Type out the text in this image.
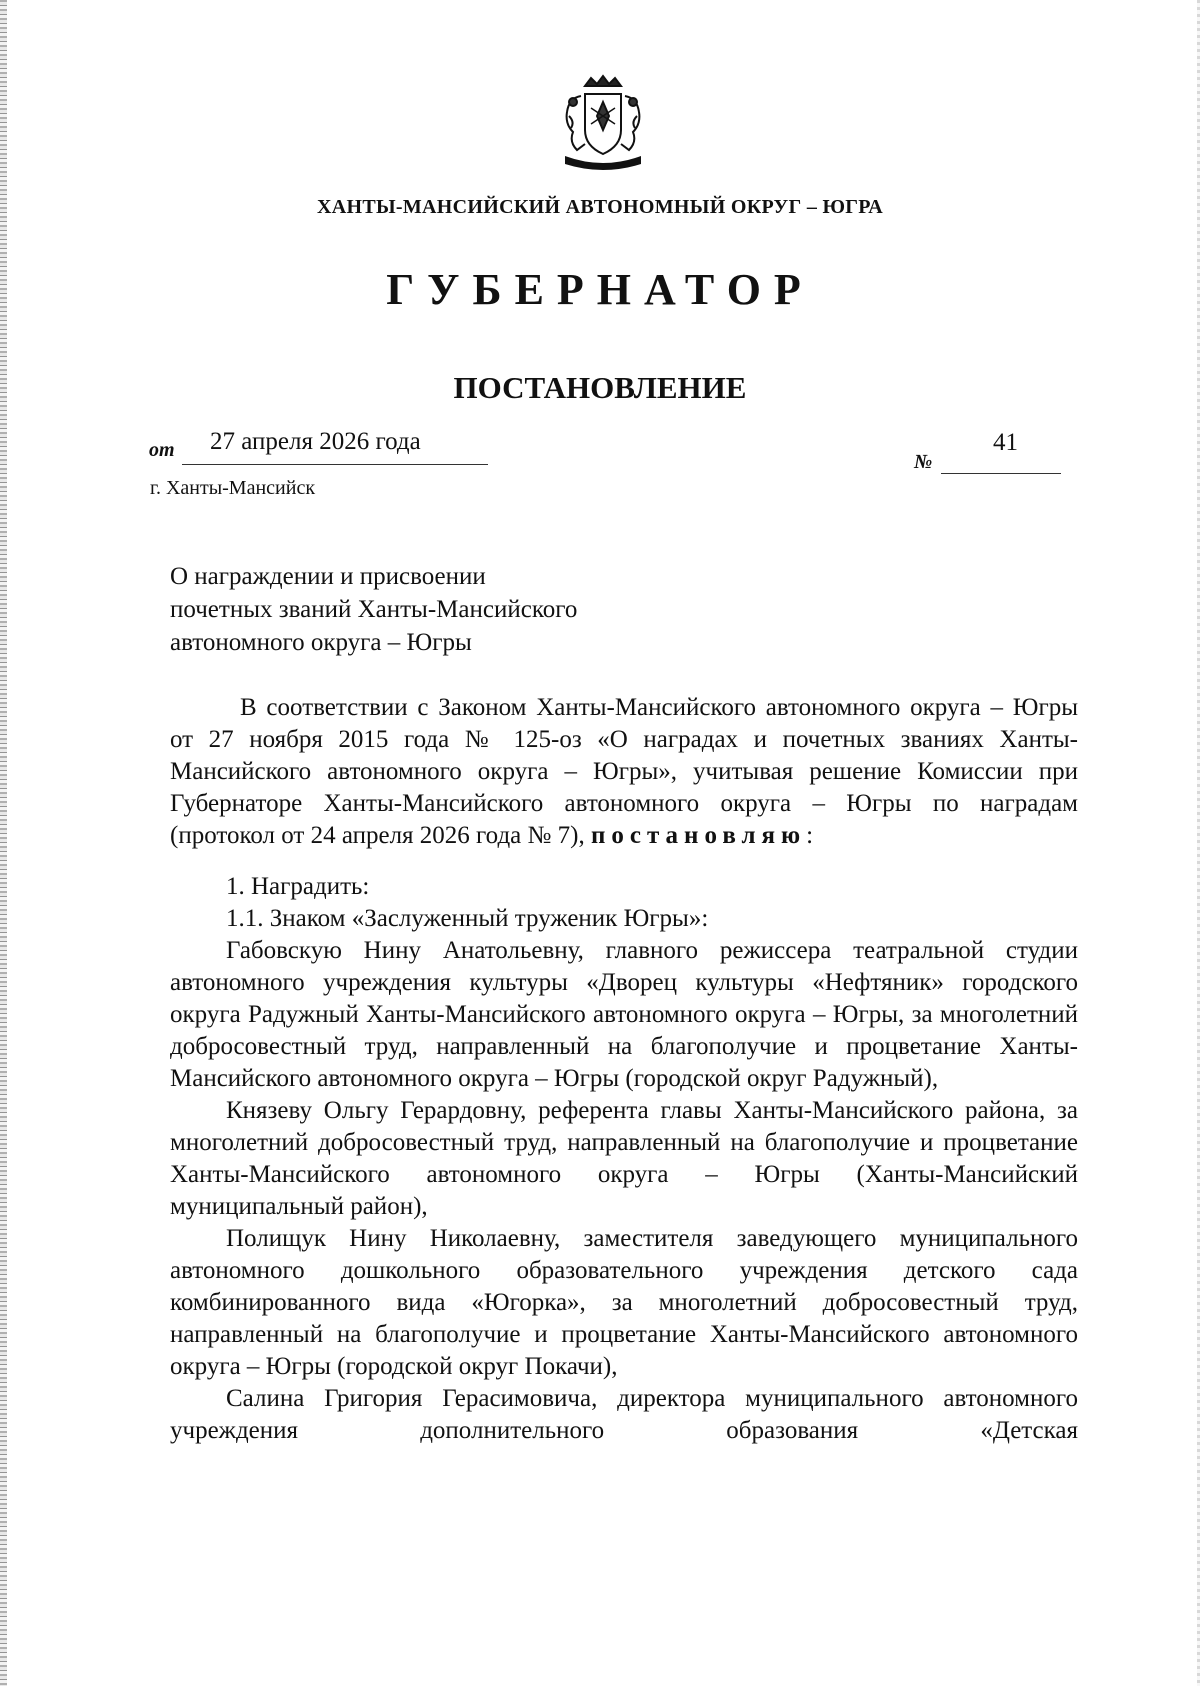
ХАНТЫ-МАНСИЙСКИЙ АВТОНОМНЫЙ ОКРУГ – ЮГРА
ГУБЕРНАТОР
ПОСТАНОВЛЕНИЕ
от 27 апреля 2026 года
№
41
г. Ханты-Мансийск
О награждении и присвоении
почетных званий Ханты-Мансийского
автономного округа – Югры

В соответствии с Законом Ханты-Мансийского автономного округа – Югры от 27 ноября 2015 года № 125-оз «О наградах и почетных званиях Ханты-Мансийского автономного округа – Югры», учитывая решение Комиссии при Губернаторе Ханты-Мансийского автономного округа – Югры по наградам (протокол от 24 апреля 2026 года № 7), постановляю:

1. Наградить:

1.1. Знаком «Заслуженный труженик Югры»:

Габовскую Нину Анатольевну, главного режиссера театральной студии автономного учреждения культуры «Дворец культуры «Нефтяник» городского округа Радужный Ханты-Мансийского автономного округа – Югры, за многолетний добросовестный труд, направленный на благополучие и процветание Ханты-Мансийского автономного округа – Югры (городской округ Радужный),

Князеву Ольгу Герардовну, референта главы Ханты-Мансийского района, за многолетний добросовестный труд, направленный на благополучие и процветание Ханты-Мансийского автономного округа – Югры (Ханты-Мансийский муниципальный район),

Полищук Нину Николаевну, заместителя заведующего муниципального автономного дошкольного образовательного учреждения детского сада комбинированного вида «Югорка», за многолетний добросовестный труд, направленный на благополучие и процветание Ханты-Мансийского автономного округа – Югры (городской округ Покачи),

Салина Григория Герасимовича, директора муниципального автономного учреждения дополнительного образования «Детская
